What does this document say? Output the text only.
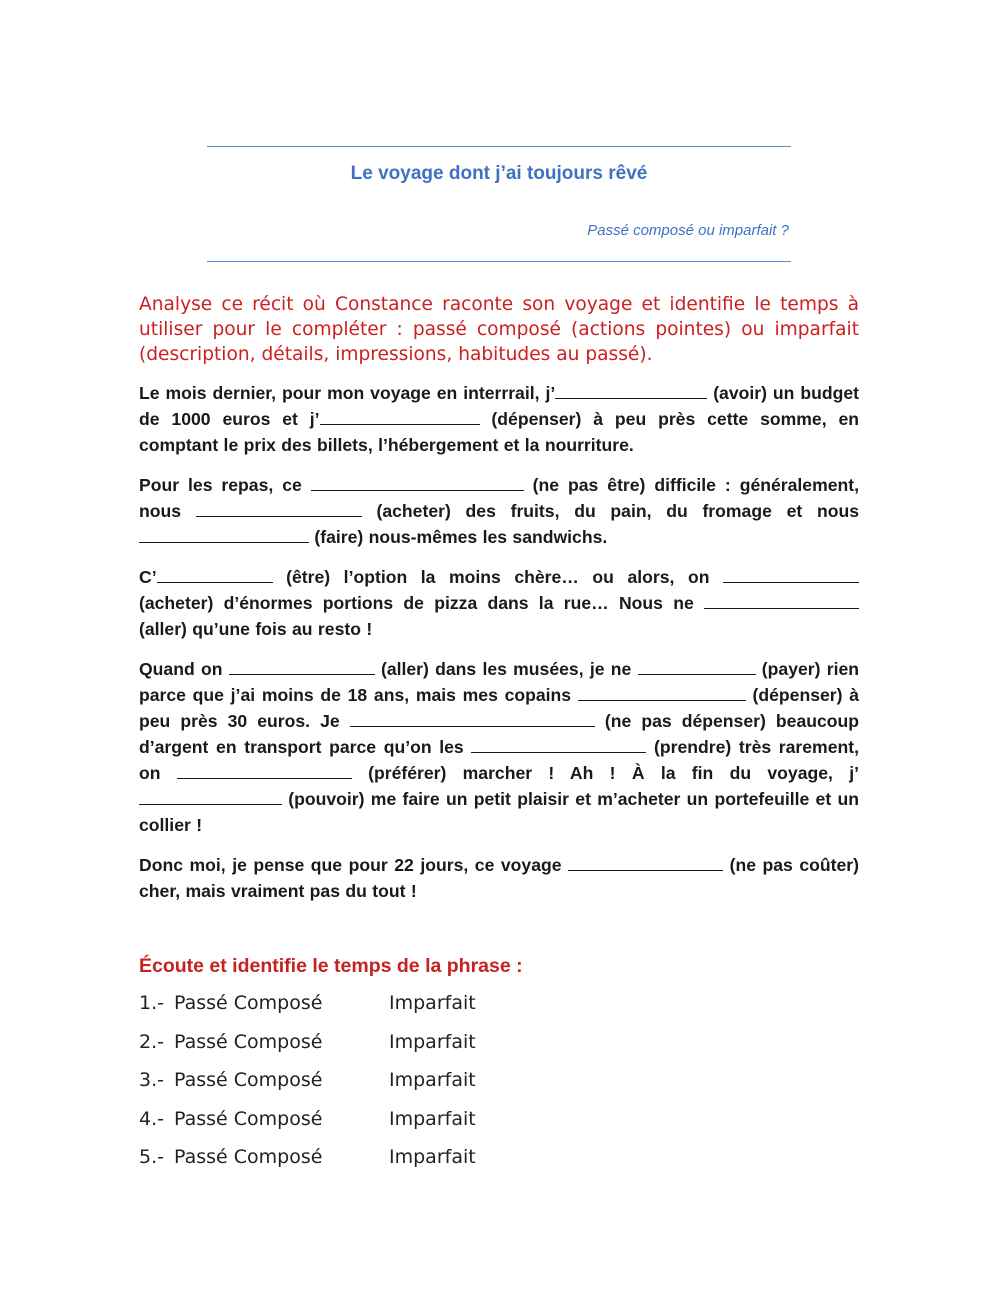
Le voyage dont j’ai toujours rêvé

Passé composé ou imparfait ?

Analyse ce récit où Constance raconte son voyage et identifie le temps à utiliser pour le compléter : passé composé (actions pointes) ou imparfait (description, détails, impressions, habitudes au passé).

Le mois dernier, pour mon voyage en interrrail, j’	(avoir) un budget de 1000 euros et j’	(dépenser) à peu près cette somme, en comptant le prix des billets, l’hébergement et la nourriture.

Pour les repas, ce	(ne pas être) difficile : généralement, nous	(acheter) des fruits, du pain, du fromage et nous  (faire) nous-mêmes les sandwichs.

C’	(être) l’option la moins chère… ou alors, on  (acheter) d’énormes portions de pizza dans la rue… Nous ne  (aller) qu’une fois au resto !

Quand on	(aller) dans les musées, je ne	(payer) rien parce que j’ai moins de 18 ans, mais mes copains	(dépenser) à peu près 30 euros. Je	(ne pas dépenser) beaucoup d’argent en transport parce qu’on les	(prendre) très rarement, on	(préférer) marcher ! Ah ! À la fin du voyage, j’ (pouvoir) me faire un petit plaisir et m’acheter un portefeuille et un collier !

Donc moi, je pense que pour 22 jours, ce voyage	(ne pas coûter) cher, mais vraiment pas du tout !

Écoute et identifie le temps de la phrase :
1.- Passé Composé	Imparfait
2.- Passé Composé	Imparfait
3.- Passé Composé	Imparfait
4.- Passé Composé	Imparfait
5.- Passé Composé	Imparfait
